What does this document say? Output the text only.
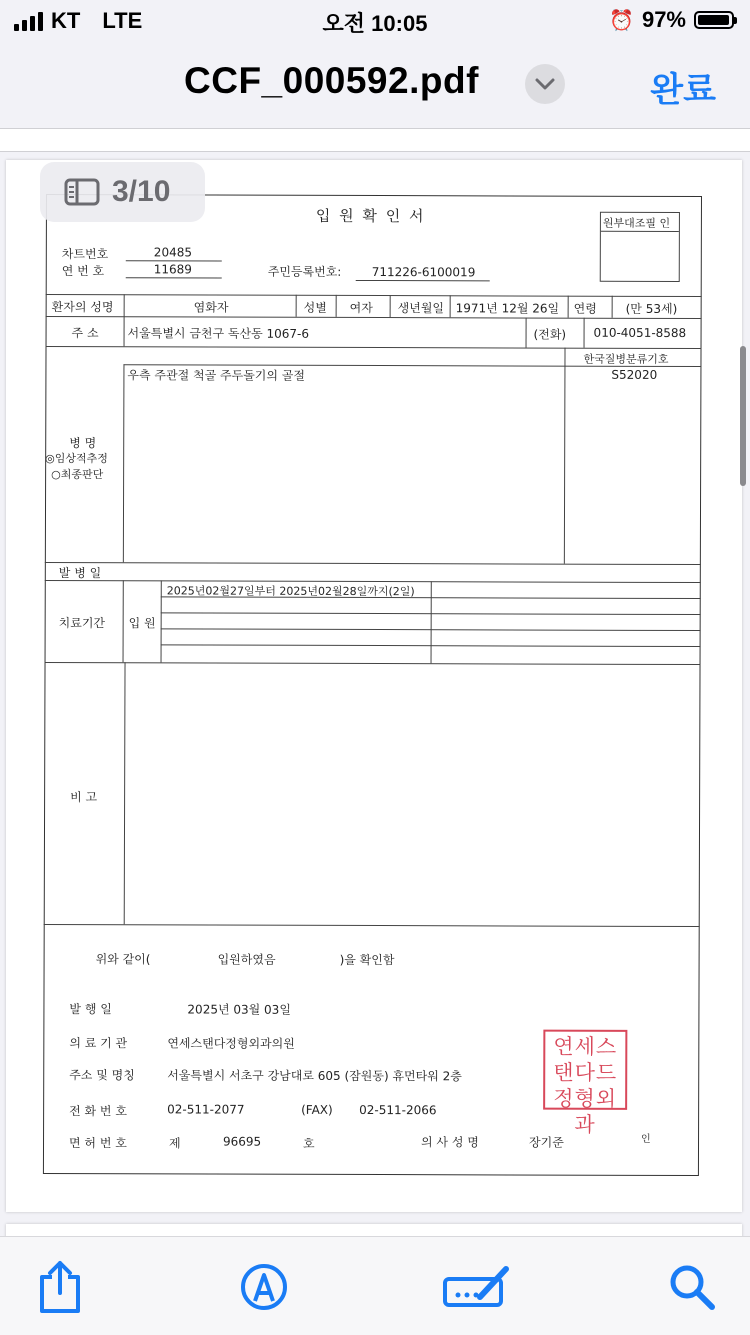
KT LTE	오전 10:05	⏰ 97%
CCF_000592.pdf	완료
3/10
입 원 확 인 서	원부대조필 인
차트번호	20485
연 번 호	11689	주민등록번호:	711226-6100019
환자의 성명	염화자	성별 여자 생년월일 1971년 12월 26일 연령 (만 53세)
주 소 서울특별시 금천구 독산동 1067-6	(전화) 010-4051-8588
한국질병분류기호
우측 주관절 척골 주두돌기의 골절	S52020
병 명
◎임상적추정
○최종판단
발 병 일
치료기간 입 원
2025년02월27일부터 2025년02월28일까지(2일)
비 고
위와 같이(	입원하였음	)을 확인함
발 행 일	2025년 03월 03일
의 료 기 관	연세스탠다정형외과의원
주소 및 명칭	서울특별시 서초구 강남대로 605 (잠원동) 휴먼타워 2층
전 화 번 호	02-511-2077	(FAX) 02-511-2066
면 허 번 호	제	96695	호	의 사 성 명	장기준	인
연세스
탠다드
정형외과
